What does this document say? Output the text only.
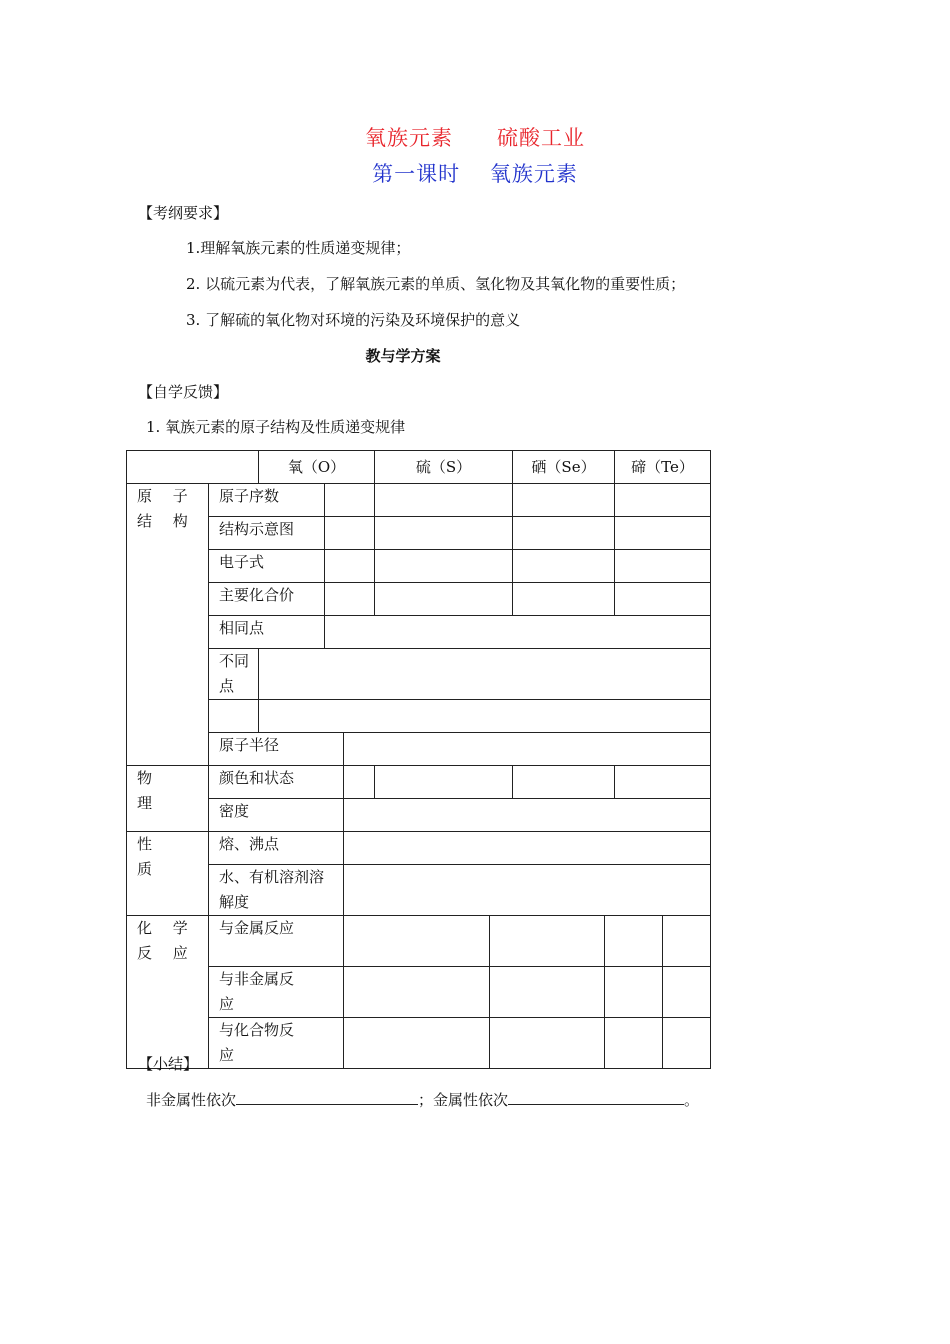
氧族元素　　硫酸工业
第一课时　 氧族元素
【考纲要求】
1.理解氧族元素的性质递变规律；
2. 以硫元素为代表，了解氧族元素的单质、氢化物及其氧化物的重要性质；
3. 了解硫的氧化物对环境的污染及环境保护的意义
教与学方案
【自学反馈】
1. 氧族元素的原子结构及性质递变规律
		氧（O）			硫（S）		硒（Se）		碲（Te）	
原 子 结 构	原子序数									
	结构示意图									
	电子式									
	主要化合价									
	相同点									
	不同点									

	原子半径									
物
理	颜色和状态									
	密度									
性
质	熔、沸点									

	水、有机溶剂溶解度									

化 学 反 应	与金属反应									

	与非金属反应									

	与化合物反应									

【小结】
非金属性依次	；金属性依次	。
